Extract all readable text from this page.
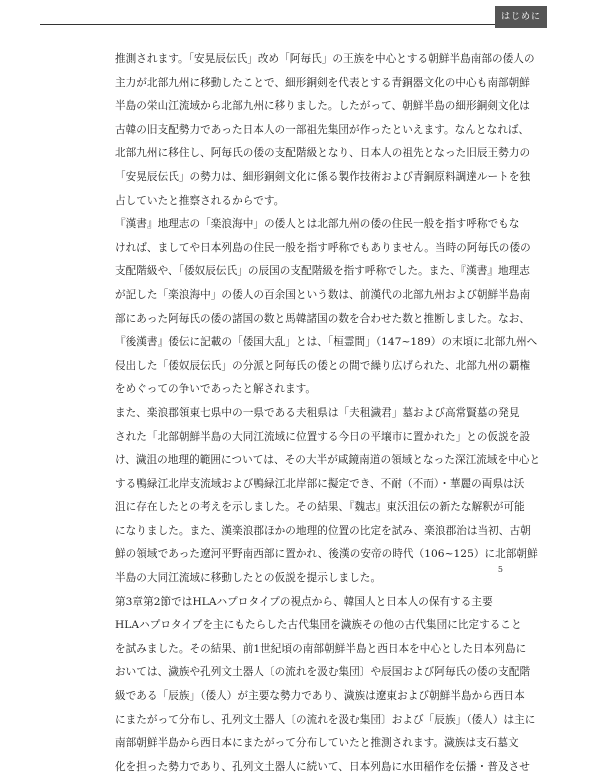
はじめに
推測されます。「安晃辰伝氏」改め「阿毎氏」の王族を中心とする朝鮮半島南部の倭人の
主力が北部九州に移動したことで、細形銅剣を代表とする青銅器文化の中心も南部朝鮮
半島の栄山江流域から北部九州に移りました。したがって、朝鮮半島の細形銅剣文化は
古韓の旧支配勢力であった日本人の一部祖先集団が作ったといえます。なんとなれば、
北部九州に移住し、阿毎氏の倭の支配階級となり、日本人の祖先となった旧辰王勢力の
「安晃辰伝氏」の勢力は、細形銅剣文化に係る製作技術および青銅原料調達ルートを独
占していたと推察されるからです。
『漢書』地理志の「楽浪海中」の倭人とは北部九州の倭の住民一般を指す呼称でもな
ければ、ましてや日本列島の住民一般を指す呼称でもありません。当時の阿毎氏の倭の
支配階級や、「倭奴辰伝氏」の辰国の支配階級を指す呼称でした。また、『漢書』地理志
が記した「楽浪海中」の倭人の百余国という数は、前漢代の北部九州および朝鮮半島南
部にあった阿毎氏の倭の諸国の数と馬韓諸国の数を合わせた数と推断しました。なお、
『後漢書』倭伝に記載の「倭国大乱」とは、「桓霊間」（147~189）の末頃に北部九州へ
侵出した「倭奴辰伝氏」の分派と阿毎氏の倭との間で繰り広げられた、北部九州の覇権
をめぐっての争いであったと解されます。
また、楽浪郡領東七県中の一県である夫租県は「夫租濊君」墓および高常賢墓の発見
された「北部朝鮮半島の大同江流域に位置する今日の平壌市に置かれた」との仮説を設
け、濊沮の地理的範囲については、その大半が咸鏡南道の領域となった深江流域を中心と
する鴨緑江北岸支流域および鴨緑江北岸部に擬定でき、不耐（不而）・華麗の両県は沃
沮に存在したとの考えを示しました。その結果、『魏志』東沃沮伝の新たな解釈が可能
になりました。また、漢楽浪郡ほかの地理的位置の比定を試み、楽浪郡治は当初、古朝
鮮の領域であった遼河平野南西部に置かれ、後漢の安帝の時代（106~125）に北部朝鮮
半島の大同江流域に移動したとの仮説を提示しました。
第3章第2節ではHLAハプロタイプの視点から、韓国人と日本人の保有する主要
HLAハプロタイプを主にもたらした古代集団を濊族その他の古代集団に比定すること
を試みました。その結果、前1世紀頃の南部朝鮮半島と西日本を中心とした日本列島に
おいては、濊族や孔列文土器人〔の流れを汲む集団〕や辰国および阿毎氏の倭の支配階
級である「辰族」（倭人）が主要な勢力であり、濊族は遼東および朝鮮半島から西日本
にまたがって分布し、孔列文土器人〔の流れを汲む集団〕および「辰族」（倭人）は主に
南部朝鮮半島から西日本にまたがって分布していたと推測されます。濊族は支石墓文
化を担った勢力であり、孔列文土器人に続いて、日本列島に水田稲作を伝播・普及させ
5
